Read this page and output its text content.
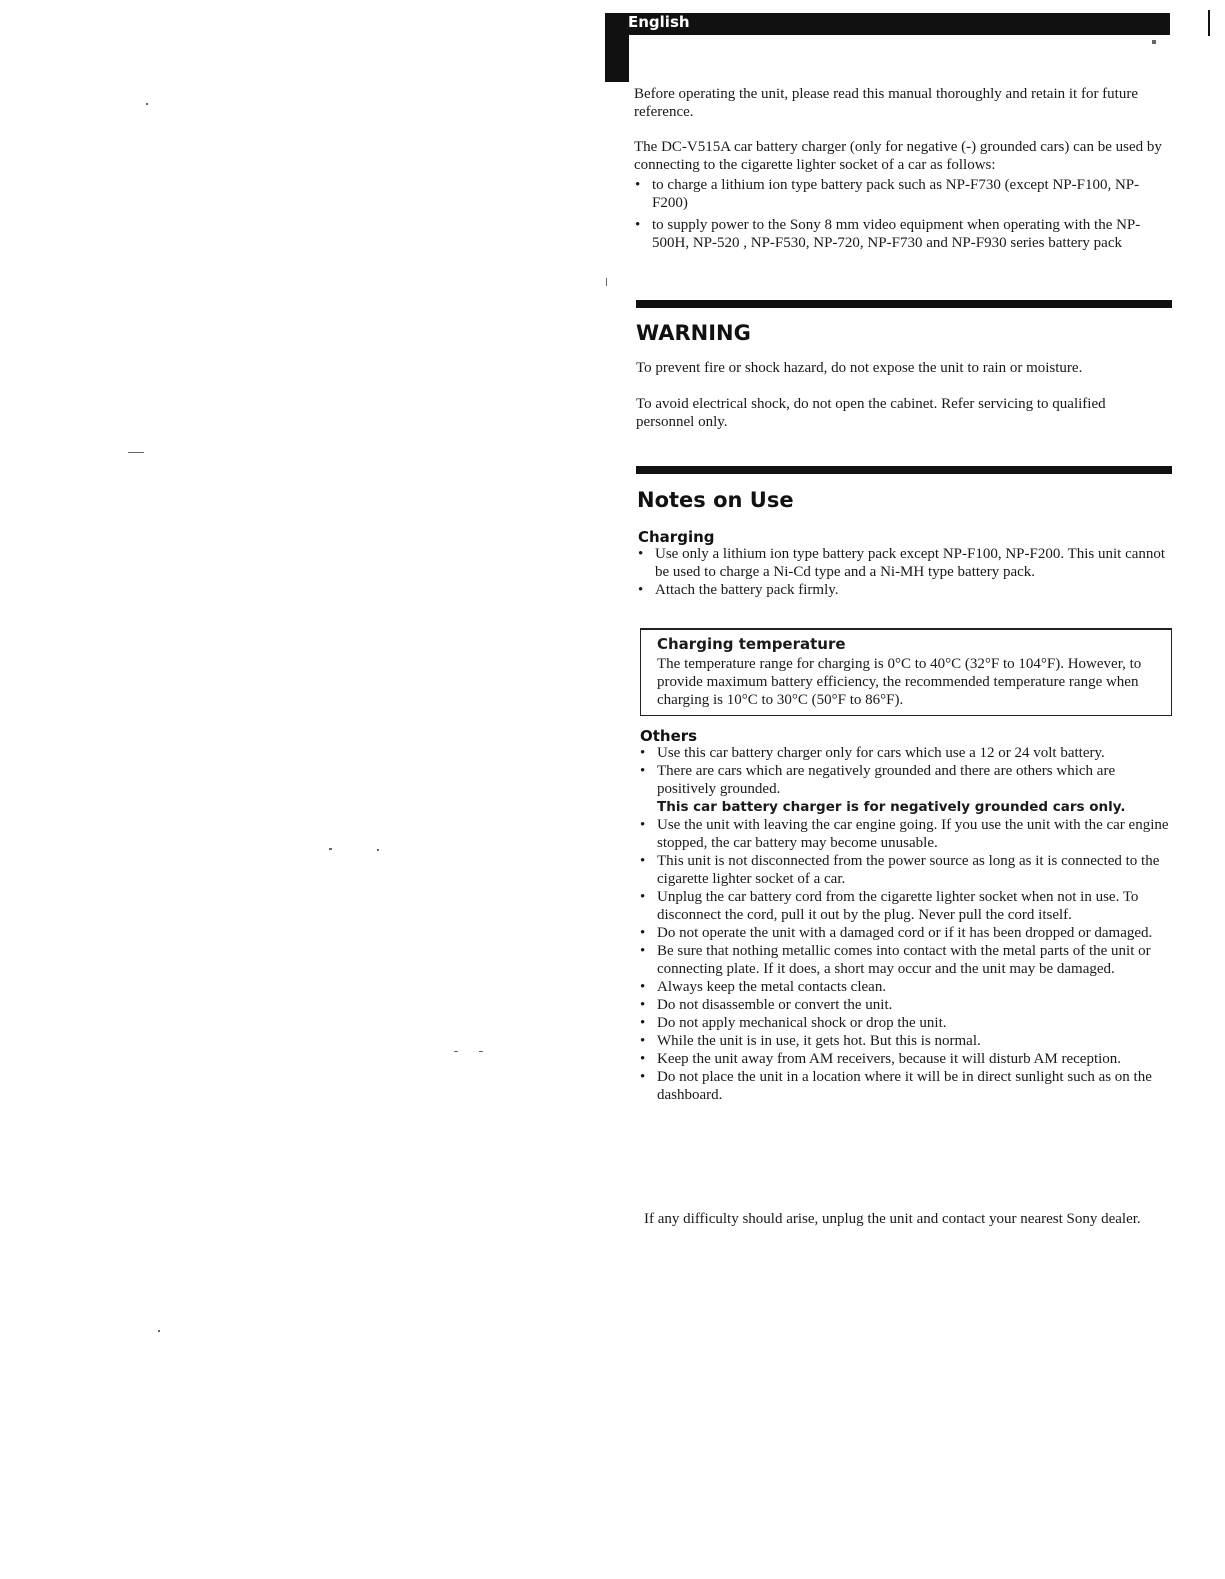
English

Before operating the unit, please read this manual thoroughly and retain it for future reference.

The DC-V515A car battery charger (only for negative (-) grounded cars) can be used by connecting to the cigarette lighter socket of a car as follows:

• to charge a lithium ion type battery pack such as NP-F730 (except NP-F100, NP-F200)
• to supply power to the Sony 8 mm video equipment when operating with the NP-500H, NP-520 , NP-F530, NP-720, NP-F730 and NP-F930 series battery pack
WARNING

To prevent fire or shock hazard, do not expose the unit to rain or moisture.

To avoid electrical shock, do not open the cabinet. Refer servicing to qualified personnel only.

Notes on Use
Charging
• Use only a lithium ion type battery pack except NP-F100, NP-F200. This unit cannot be used to charge a Ni-Cd type and a Ni-MH type battery pack.
• Attach the battery pack firmly.
Charging temperature

The temperature range for charging is 0°C to 40°C (32°F to 104°F). However, to provide maximum battery efficiency, the recommended temperature range when charging is 10°C to 30°C (50°F to 86°F).

Others
• Use this car battery charger only for cars which use a 12 or 24 volt battery.
• There are cars which are negatively grounded and there are others which are positively grounded.
This car battery charger is for negatively grounded cars only.
• Use the unit with leaving the car engine going. If you use the unit with the car engine stopped, the car battery may become unusable.
• This unit is not disconnected from the power source as long as it is connected to the cigarette lighter socket of a car.
• Unplug the car battery cord from the cigarette lighter socket when not in use. To disconnect the cord, pull it out by the plug. Never pull the cord itself.
• Do not operate the unit with a damaged cord or if it has been dropped or damaged.
• Be sure that nothing metallic comes into contact with the metal parts of the unit or connecting plate. If it does, a short may occur and the unit may be damaged.
• Always keep the metal contacts clean.
• Do not disassemble or convert the unit.
• Do not apply mechanical shock or drop the unit.
• While the unit is in use, it gets hot. But this is normal.
• Keep the unit away from AM receivers, because it will disturb AM reception.
• Do not place the unit in a location where it will be in direct sunlight such as on the dashboard.

If any difficulty should arise, unplug the unit and contact your nearest Sony dealer.
